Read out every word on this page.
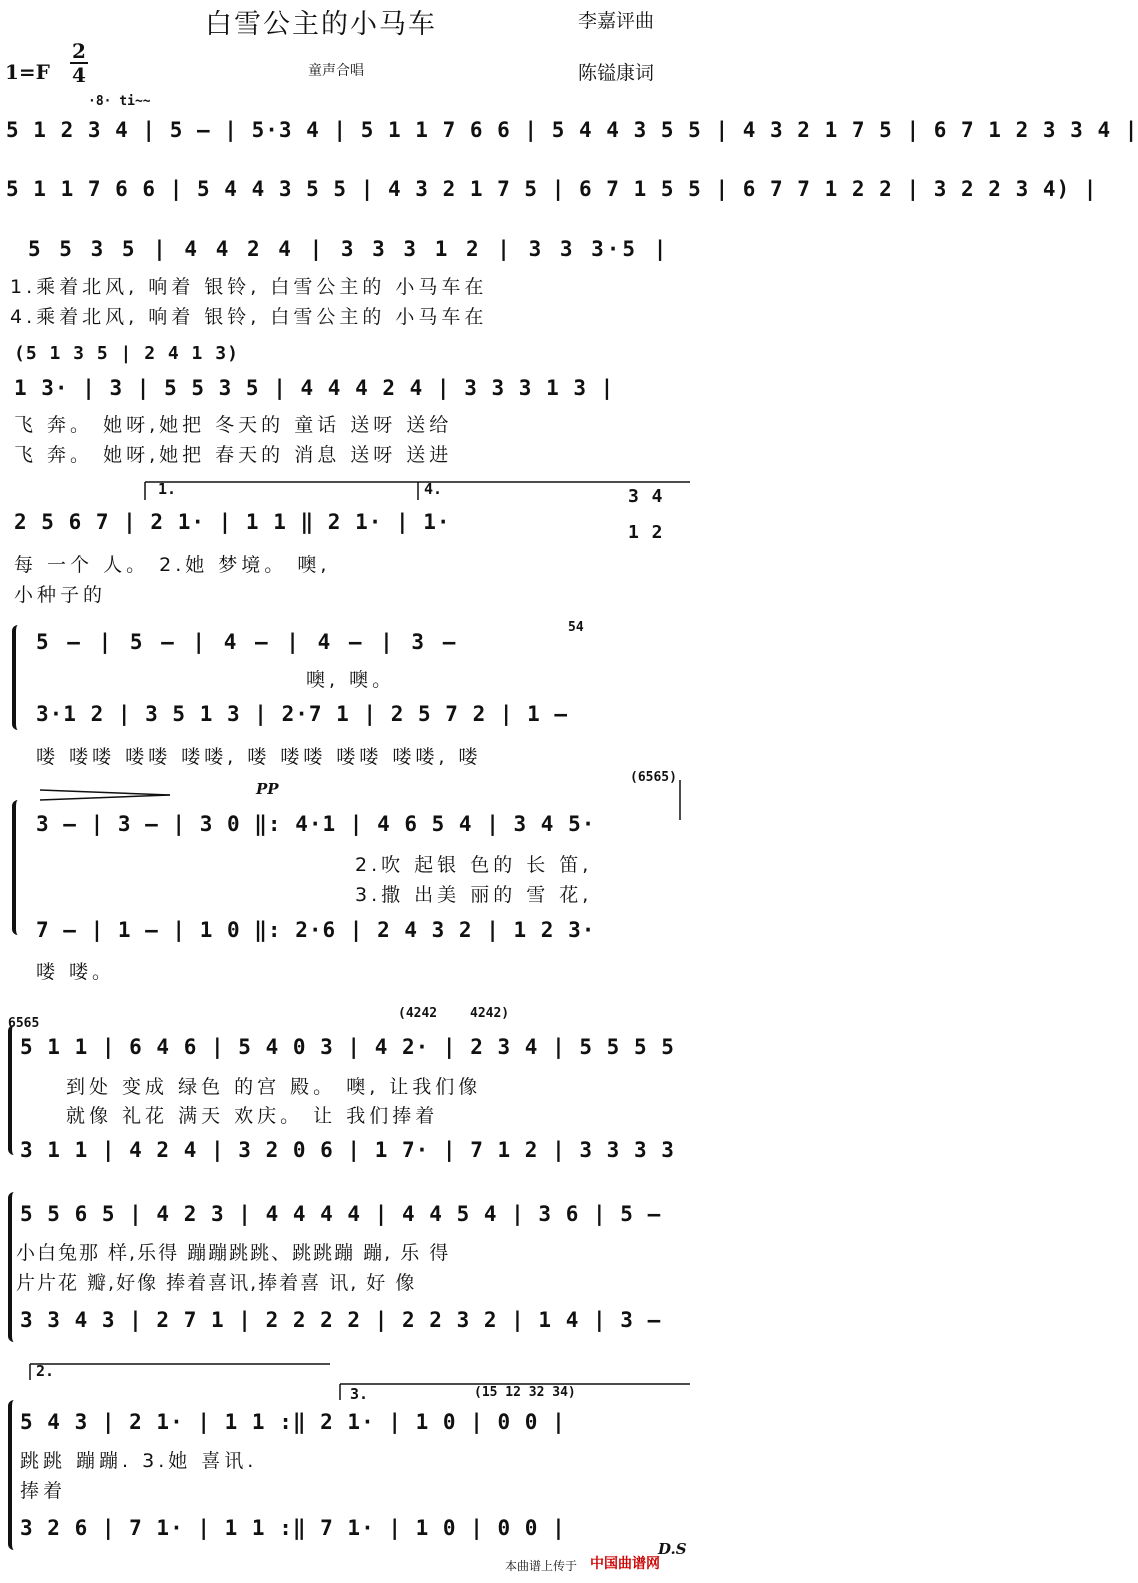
白雪公主的小马车	李嘉评曲
陈镒康词
1=F
2
4	童声合唱
·8· ti~~
5 1 2 3 4 | 5 — | 5·3 4 | 5 1 1 7 6 6 | 5 4 4 3 5 5 | 4 3 2 1 7 5 | 6 7 1 2 3 3 4 |
5 1 1 7 6 6 | 5 4 4 3 5 5 | 4 3 2 1 7 5 | 6 7 1 5 5 | 6 7 7 1 2 2 | 3 2 2 3 4) |
5 5 3 5 | 4 4 2 4 | 3 3 3 1 2 | 3 3 3·5 |
1.乘着北风, 响着 银铃, 白雪公主的 小马车在
4.乘着北风, 响着 银铃, 白雪公主的 小马车在
(5 1 3 5 | 2 4 1 3)
1 3· | 3 | 5 5 3 5 | 4 4 4 2 4 | 3 3 3 1 3 |
飞 奔。 她呀,她把 冬天的 童话 送呀 送给
飞 奔。 她呀,她把 春天的 消息 送呀 送进
1.	4.
2 5 6 7 | 2 1· | 1 1 ‖ 2 1· | 1·
3 4
1 2
每 一个 人。 2.她 梦境。 噢,
小种子的
54
5 — | 5 — | 4 — | 4 — | 3 —
噢, 噢。
3·1 2 | 3 5 1 3 | 2·7 1 | 2 5 7 2 | 1 —
喽 喽喽 喽喽 喽喽, 喽 喽喽 喽喽 喽喽, 喽
PP
(6565)
3 — | 3 — | 3 0 ‖: 4·1 | 4 6 5 4 | 3 4 5·
2.吹 起银 色的 长 笛,
3.撒 出美 丽的 雪 花,
7 — | 1 — | 1 0 ‖: 2·6 | 2 4 3 2 | 1 2 3·
喽 喽。
6565
(4242	4242)
5 1 1 | 6 4 6 | 5 4 0 3 | 4 2· | 2 3 4 | 5 5 5 5
到处 变成 绿色 的宫 殿。 噢, 让我们像
就像 礼花 满天 欢庆。 让 我们捧着
3 1 1 | 4 2 4 | 3 2 0 6 | 1 7· | 7 1 2 | 3 3 3 3
5 5 6 5 | 4 2 3 | 4 4 4 4 | 4 4 5 4 | 3 6 | 5 —
小白兔那 样,乐得 蹦蹦跳跳、跳跳蹦 蹦, 乐 得
片片花 瓣,好像 捧着喜讯,捧着喜 讯, 好 像
3 3 4 3 | 2 7 1 | 2 2 2 2 | 2 2 3 2 | 1 4 | 3 —
2.
3.	(15 12 32 34)
5 4 3 | 2 1· | 1 1 :‖ 2 1· | 1 0 | 0 0 |
跳跳 蹦蹦. 3.她 喜讯.
捧着
3 2 6 | 7 1· | 1 1 :‖ 7 1· | 1 0 | 0 0 |
D.S
本曲谱上传于 中国曲谱网
